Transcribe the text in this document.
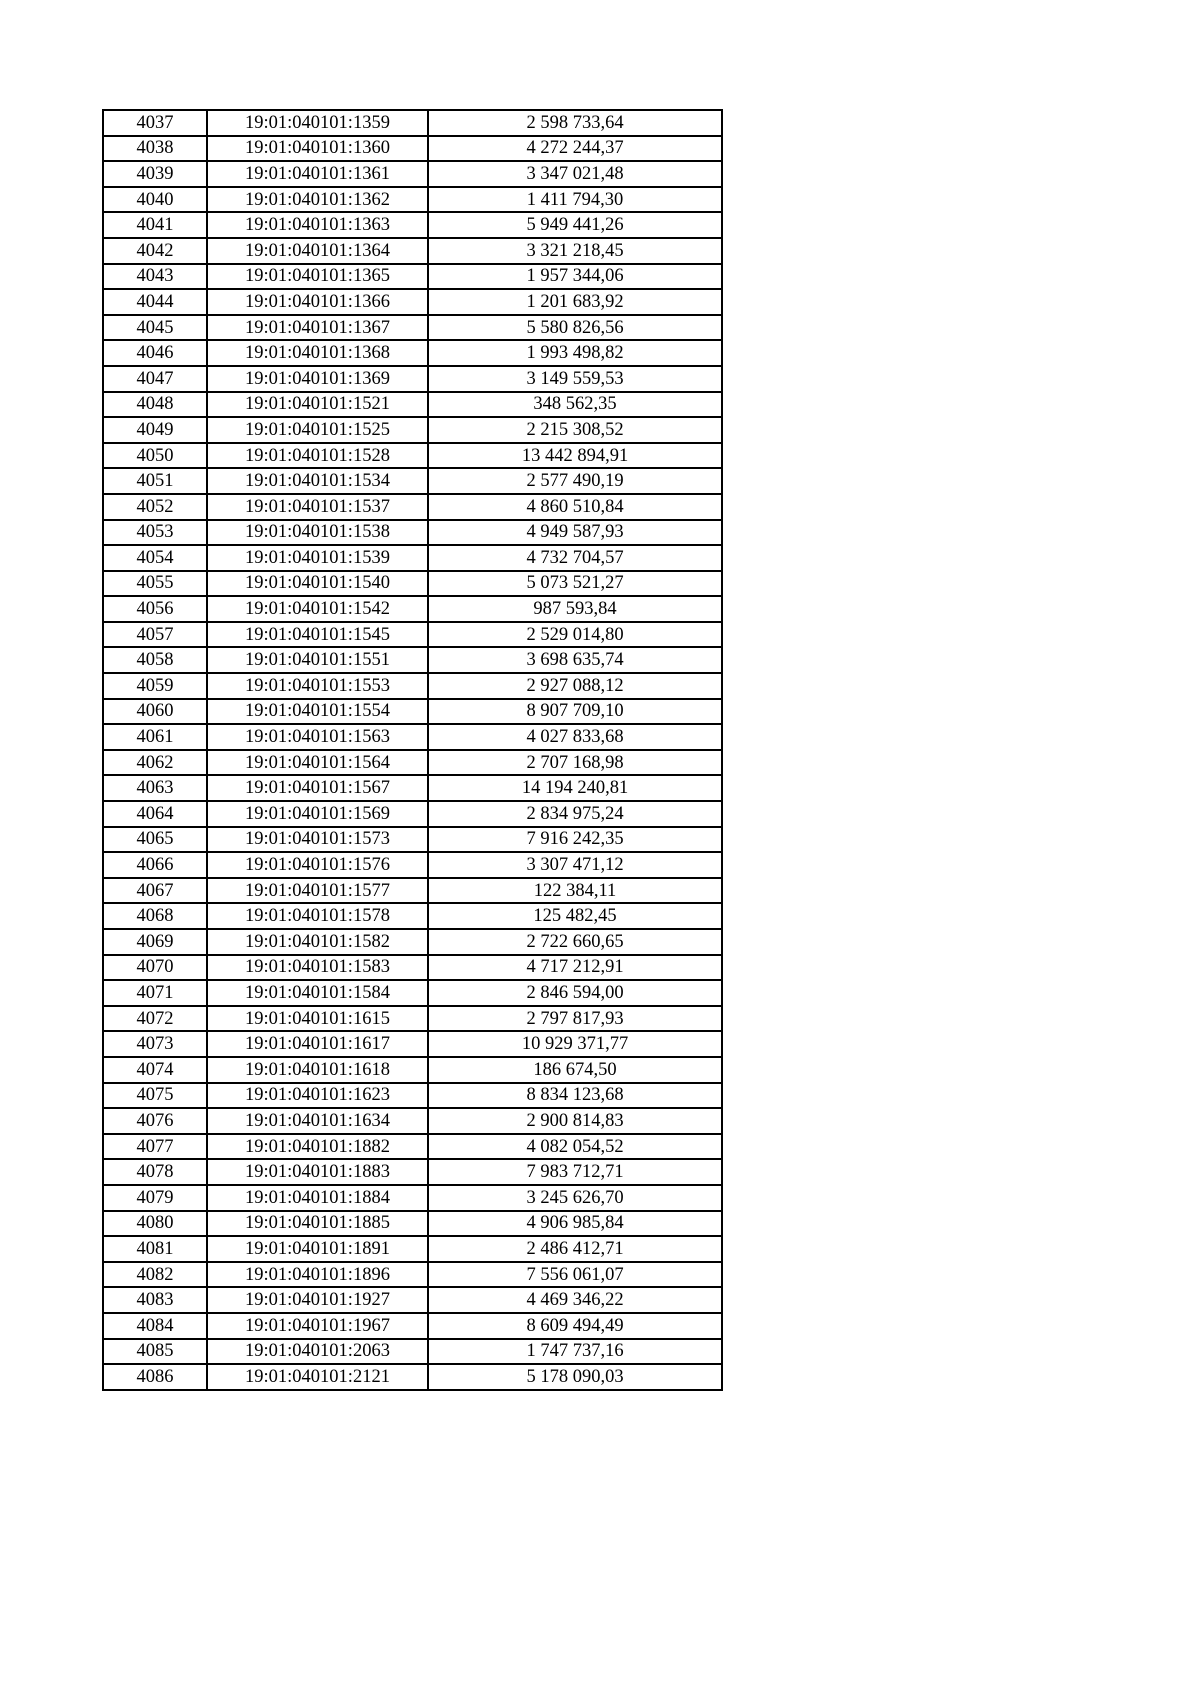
4037	19:01:040101:1359	2 598 733,64
4038	19:01:040101:1360	4 272 244,37
4039	19:01:040101:1361	3 347 021,48
4040	19:01:040101:1362	1 411 794,30
4041	19:01:040101:1363	5 949 441,26
4042	19:01:040101:1364	3 321 218,45
4043	19:01:040101:1365	1 957 344,06
4044	19:01:040101:1366	1 201 683,92
4045	19:01:040101:1367	5 580 826,56
4046	19:01:040101:1368	1 993 498,82
4047	19:01:040101:1369	3 149 559,53
4048	19:01:040101:1521	348 562,35
4049	19:01:040101:1525	2 215 308,52
4050	19:01:040101:1528	13 442 894,91
4051	19:01:040101:1534	2 577 490,19
4052	19:01:040101:1537	4 860 510,84
4053	19:01:040101:1538	4 949 587,93
4054	19:01:040101:1539	4 732 704,57
4055	19:01:040101:1540	5 073 521,27
4056	19:01:040101:1542	987 593,84
4057	19:01:040101:1545	2 529 014,80
4058	19:01:040101:1551	3 698 635,74
4059	19:01:040101:1553	2 927 088,12
4060	19:01:040101:1554	8 907 709,10
4061	19:01:040101:1563	4 027 833,68
4062	19:01:040101:1564	2 707 168,98
4063	19:01:040101:1567	14 194 240,81
4064	19:01:040101:1569	2 834 975,24
4065	19:01:040101:1573	7 916 242,35
4066	19:01:040101:1576	3 307 471,12
4067	19:01:040101:1577	122 384,11
4068	19:01:040101:1578	125 482,45
4069	19:01:040101:1582	2 722 660,65
4070	19:01:040101:1583	4 717 212,91
4071	19:01:040101:1584	2 846 594,00
4072	19:01:040101:1615	2 797 817,93
4073	19:01:040101:1617	10 929 371,77
4074	19:01:040101:1618	186 674,50
4075	19:01:040101:1623	8 834 123,68
4076	19:01:040101:1634	2 900 814,83
4077	19:01:040101:1882	4 082 054,52
4078	19:01:040101:1883	7 983 712,71
4079	19:01:040101:1884	3 245 626,70
4080	19:01:040101:1885	4 906 985,84
4081	19:01:040101:1891	2 486 412,71
4082	19:01:040101:1896	7 556 061,07
4083	19:01:040101:1927	4 469 346,22
4084	19:01:040101:1967	8 609 494,49
4085	19:01:040101:2063	1 747 737,16
4086	19:01:040101:2121	5 178 090,03
